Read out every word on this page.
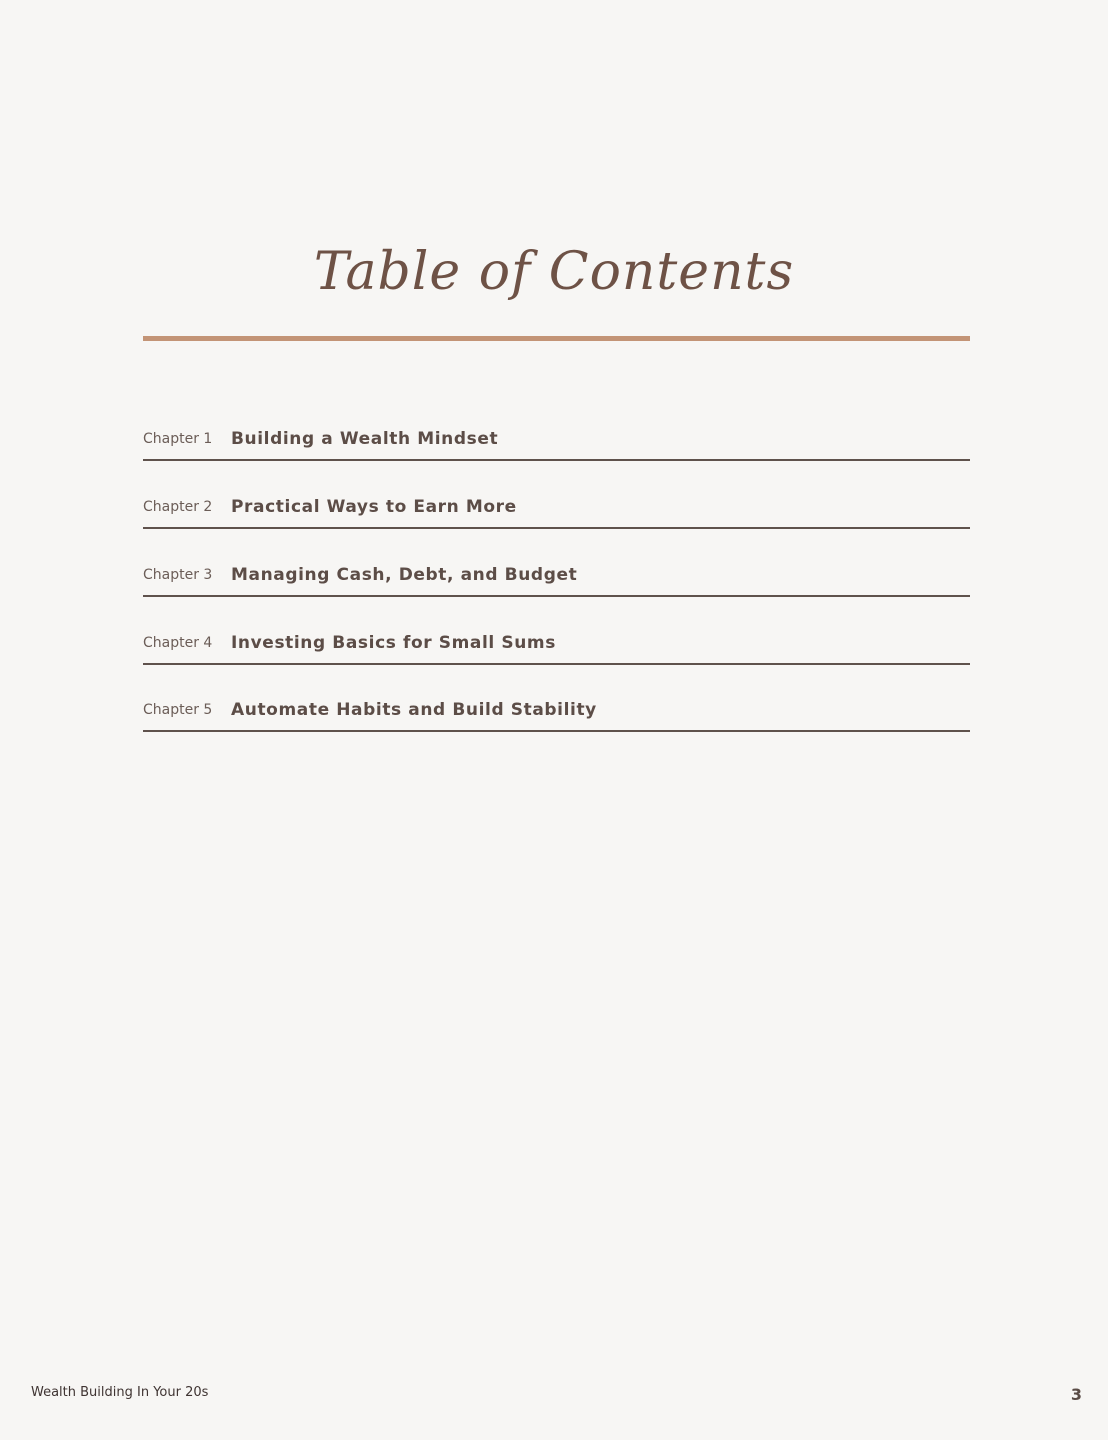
Table of Contents
Chapter 1 Building a Wealth Mindset
Chapter 2 Practical Ways to Earn More
Chapter 3 Managing Cash, Debt, and Budget
Chapter 4 Investing Basics for Small Sums
Chapter 5 Automate Habits and Build Stability
Wealth Building In Your 20s	3
